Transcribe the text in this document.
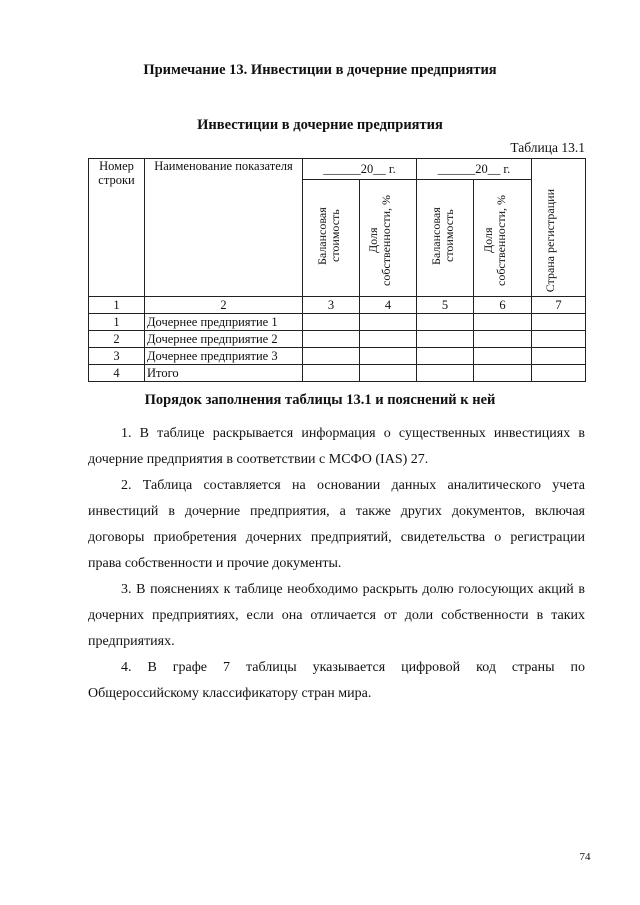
Примечание 13. Инвестиции в дочерние предприятия
Инвестиции в дочерние предприятия
Таблица 13.1
Номер строки	Наименование показателя	______20__ г.		______20__ г.		Страна регистрации

		Балансовая стоимость	Доля собственности, %	Балансовая стоимость	Доля собственности, %	

1	2	3	4	5	6	7
1	Дочернее предприятие 1					
2	Дочернее предприятие 2					
3	Дочернее предприятие 3					
4	Итого					
Порядок заполнения таблицы 13.1 и пояснений к ней

1. В таблице раскрывается информация о существенных инвестициях в дочерние предприятия в соответствии с МСФО (IAS) 27.

2. Таблица составляется на основании данных аналитического учета инвестиций в дочерние предприятия, а также других документов, включая договоры приобретения дочерних предприятий, свидетельства о регистрации права собственности и прочие документы.

3. В пояснениях к таблице необходимо раскрыть долю голосующих акций в дочерних предприятиях, если она отличается от доли собственности в таких предприятиях.

4. В графе 7 таблицы указывается цифровой код страны по Общероссийскому классификатору стран мира.

74
